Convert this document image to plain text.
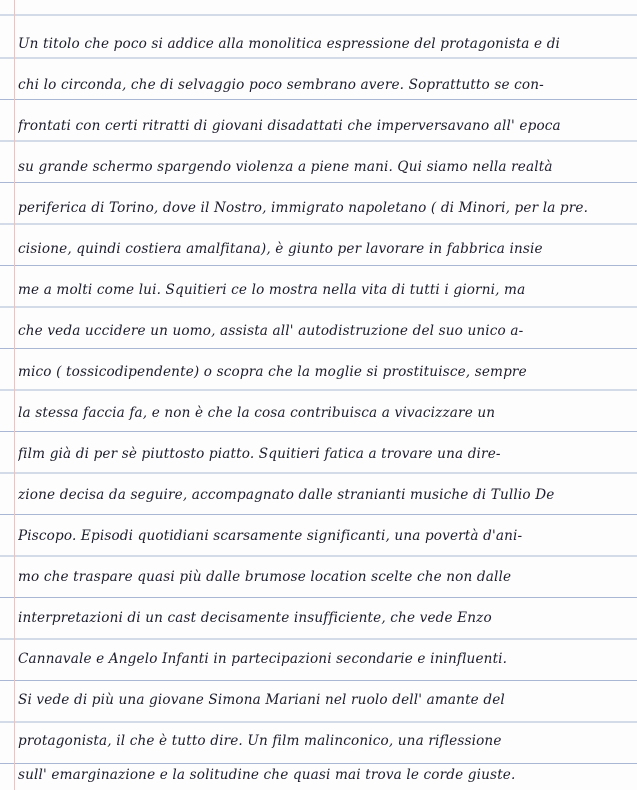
Un titolo che poco si addice alla monolitica espressione del protagonista e di
chi lo circonda, che di selvaggio poco sembrano avere. Soprattutto se con-
frontati con certi ritratti di giovani disadattati che imperversavano all' epoca
su grande schermo spargendo violenza a piene mani. Qui siamo nella realtà
periferica di Torino, dove il Nostro, immigrato napoletano ( di Minori, per la pre.
cisione, quindi costiera amalfitana), è giunto per lavorare in fabbrica insie
me a molti come lui. Squitieri ce lo mostra nella vita di tutti i giorni, ma
che veda uccidere un uomo, assista all' autodistruzione del suo unico a-
mico ( tossicodipendente) o scopra che la moglie si prostituisce, sempre
la stessa faccia fa, e non è che la cosa contribuisca a vivacizzare un
film già di per sè piuttosto piatto. Squitieri fatica a trovare una dire-
zione decisa da seguire, accompagnato dalle stranianti musiche di Tullio De
Piscopo. Episodi quotidiani scarsamente significanti, una povertà d'ani-
mo che traspare quasi più dalle brumose location scelte che non dalle
interpretazioni di un cast decisamente insufficiente, che vede Enzo
Cannavale e Angelo Infanti in partecipazioni secondarie e ininfluenti.
Si vede di più una giovane Simona Mariani nel ruolo dell' amante del
protagonista, il che è tutto dire. Un film malinconico, una riflessione
sull' emarginazione e la solitudine che quasi mai trova le corde giuste.
